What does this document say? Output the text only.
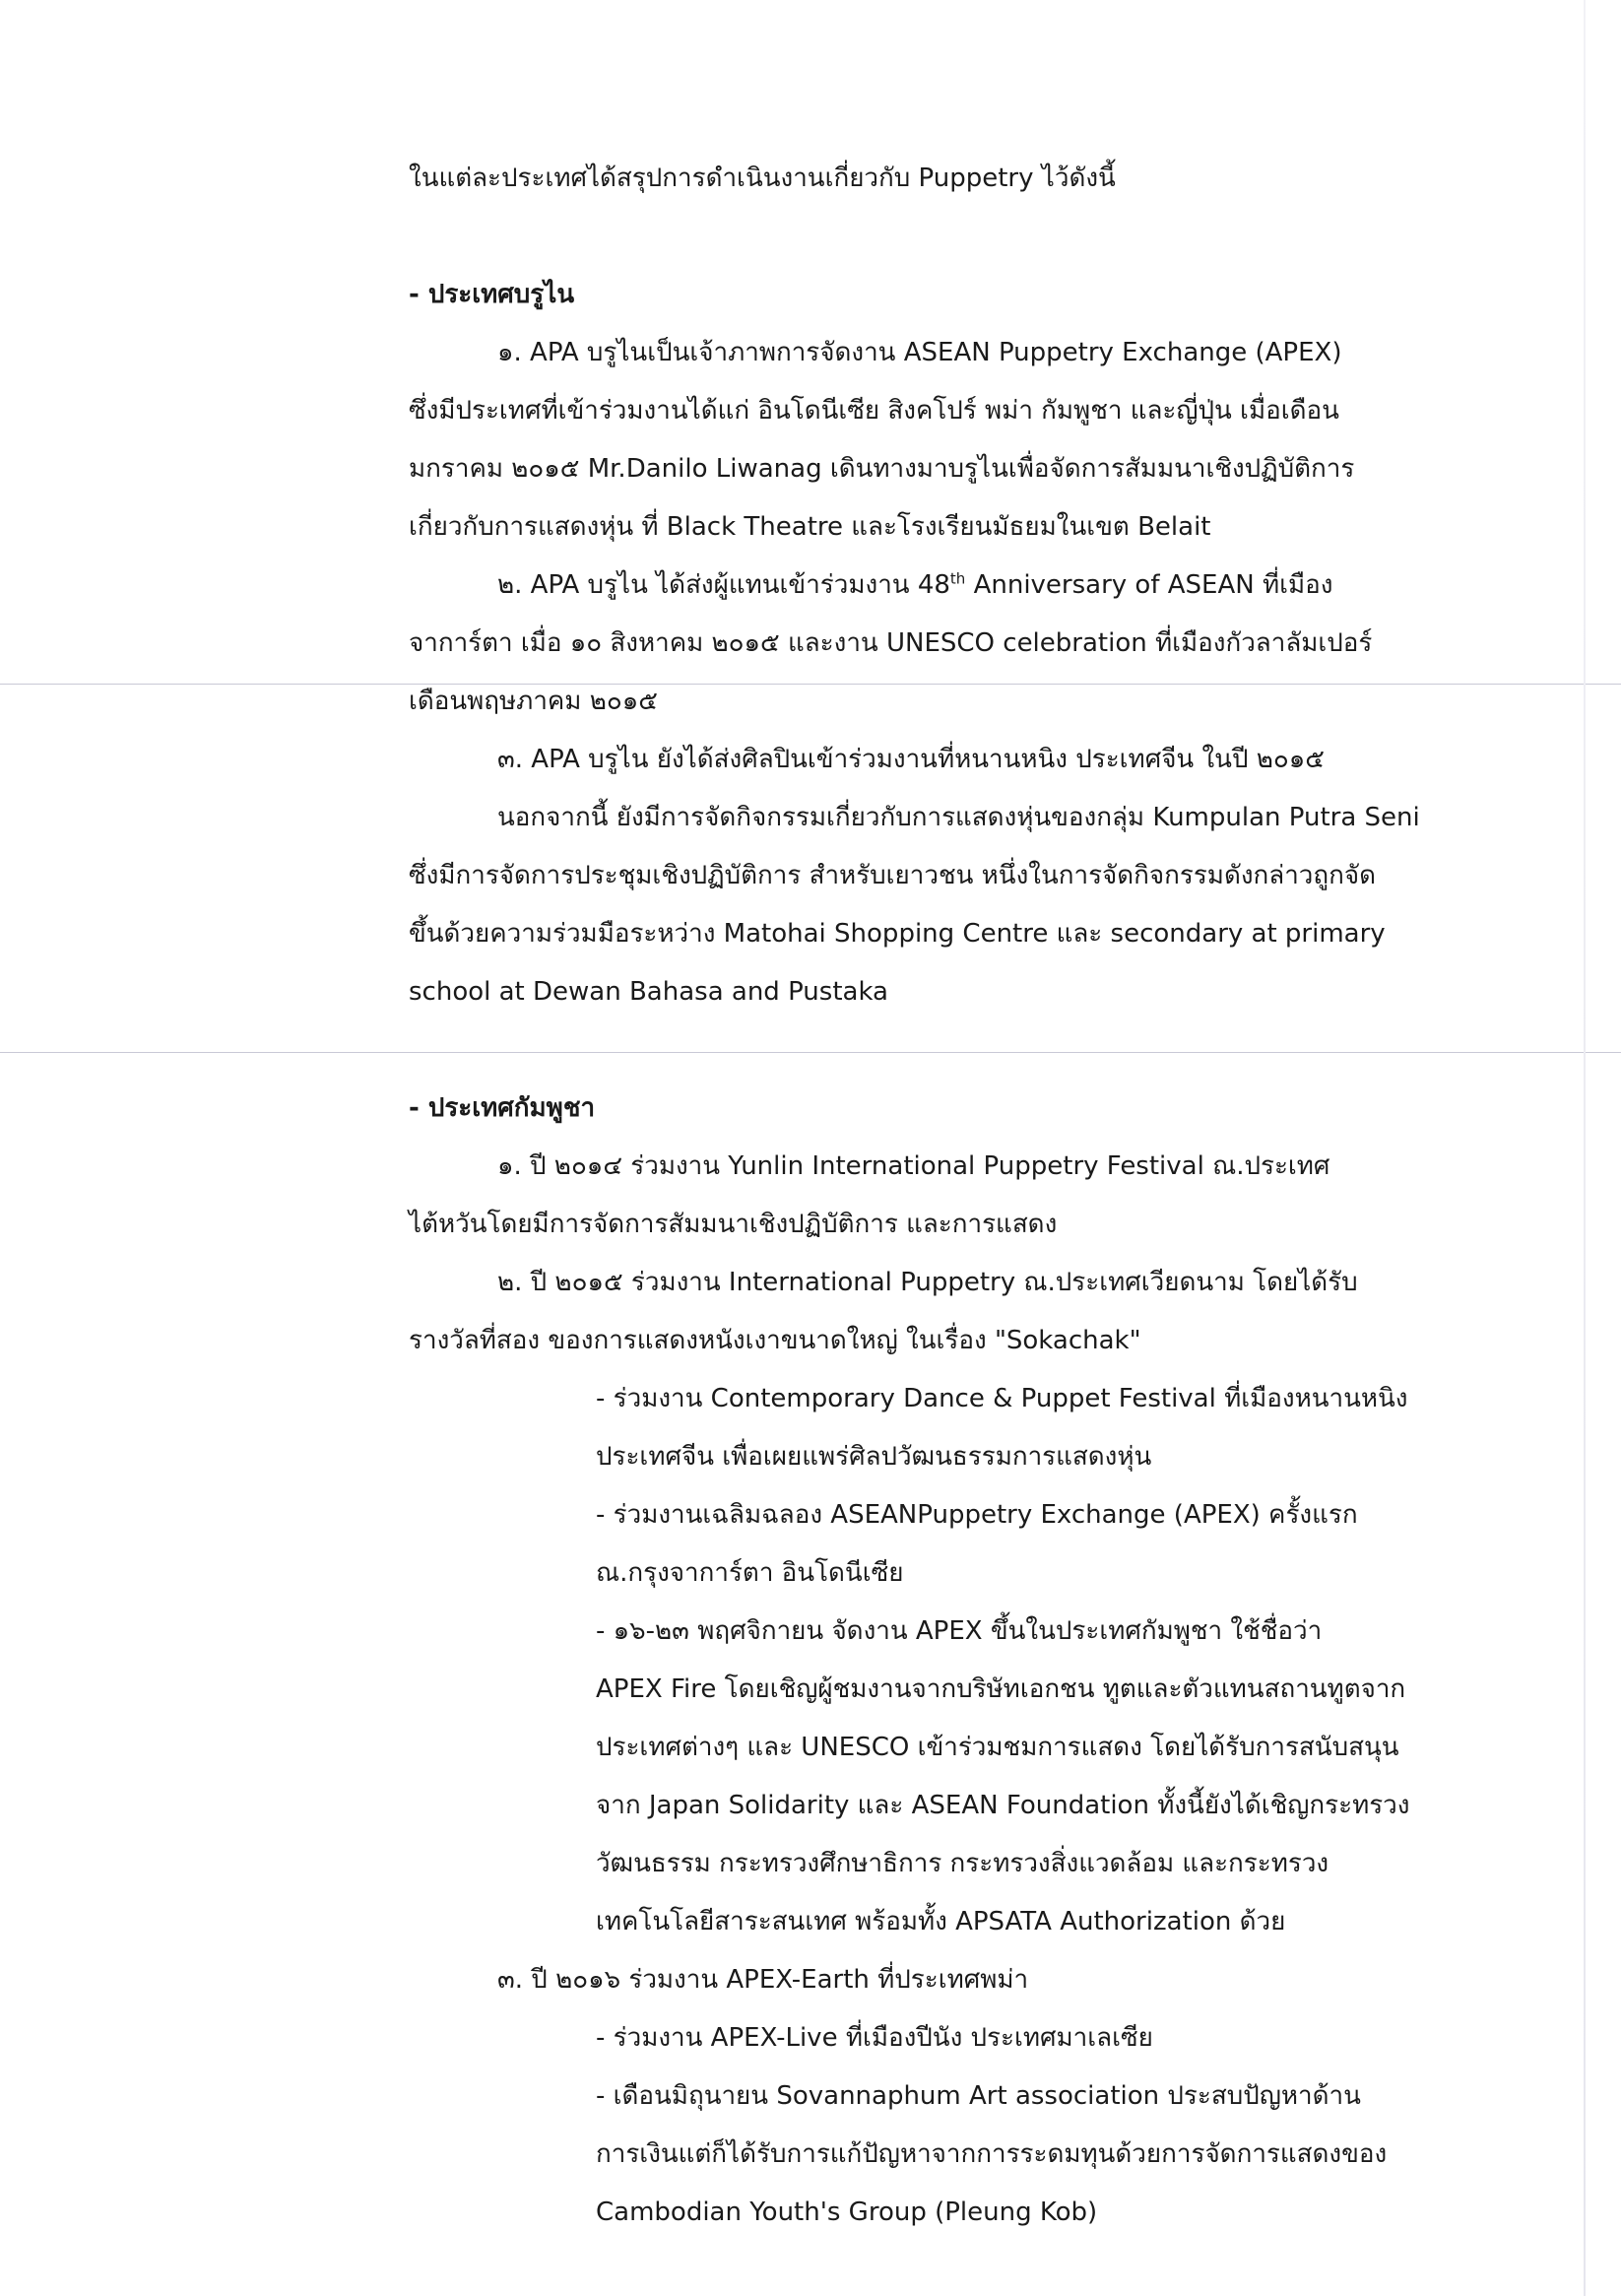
ในแต่ละประเทศได้สรุปการดำเนินงานเกี่ยวกับ Puppetry ไว้ดังนี้
- ประเทศบรูไน
๑. APA บรูไนเป็นเจ้าภาพการจัดงาน ASEAN Puppetry Exchange (APEX)
ซึ่งมีประเทศที่เข้าร่วมงานได้แก่ อินโดนีเซีย สิงคโปร์ พม่า กัมพูชา และญี่ปุ่น เมื่อเดือน
มกราคม ๒๐๑๕ Mr.Danilo Liwanag เดินทางมาบรูไนเพื่อจัดการสัมมนาเชิงปฏิบัติการ
เกี่ยวกับการแสดงหุ่น ที่ Black Theatre และโรงเรียนมัธยมในเขต Belait
๒. APA บรูไน ได้ส่งผู้แทนเข้าร่วมงาน 48th Anniversary of ASEAN ที่เมือง
จาการ์ตา เมื่อ ๑๐ สิงหาคม ๒๐๑๕ และงาน UNESCO celebration ที่เมืองกัวลาลัมเปอร์
เดือนพฤษภาคม ๒๐๑๕
๓. APA บรูไน ยังได้ส่งศิลปินเข้าร่วมงานที่หนานหนิง ประเทศจีน ในปี ๒๐๑๕
นอกจากนี้ ยังมีการจัดกิจกรรมเกี่ยวกับการแสดงหุ่นของกลุ่ม Kumpulan Putra Seni
ซึ่งมีการจัดการประชุมเชิงปฏิบัติการ สำหรับเยาวชน หนึ่งในการจัดกิจกรรมดังกล่าวถูกจัด
ขึ้นด้วยความร่วมมือระหว่าง Matohai Shopping Centre และ secondary at primary
school at Dewan Bahasa and Pustaka
- ประเทศกัมพูชา
๑. ปี ๒๐๑๔ ร่วมงาน Yunlin International Puppetry Festival ณ.ประเทศ
ไต้หวันโดยมีการจัดการสัมมนาเชิงปฏิบัติการ และการแสดง
๒. ปี ๒๐๑๕ ร่วมงาน International Puppetry ณ.ประเทศเวียดนาม โดยได้รับ
รางวัลที่สอง ของการแสดงหนังเงาขนาดใหญ่ ในเรื่อง "Sokachak"
- ร่วมงาน Contemporary Dance & Puppet Festival ที่เมืองหนานหนิง
ประเทศจีน เพื่อเผยแพร่ศิลปวัฒนธรรมการแสดงหุ่น
- ร่วมงานเฉลิมฉลอง ASEANPuppetry Exchange (APEX) ครั้งแรก
ณ.กรุงจาการ์ตา อินโดนีเซีย
- ๑๖-๒๓ พฤศจิกายน จัดงาน APEX ขึ้นในประเทศกัมพูชา ใช้ชื่อว่า
APEX Fire โดยเชิญผู้ชมงานจากบริษัทเอกชน ทูตและตัวแทนสถานทูตจาก
ประเทศต่างๆ และ UNESCO เข้าร่วมชมการแสดง โดยได้รับการสนับสนุน
จาก Japan Solidarity และ ASEAN Foundation ทั้งนี้ยังได้เชิญกระทรวง
วัฒนธรรม กระทรวงศึกษาธิการ กระทรวงสิ่งแวดล้อม และกระทรวง
เทคโนโลยีสาระสนเทศ พร้อมทั้ง APSATA Authorization ด้วย
๓. ปี ๒๐๑๖ ร่วมงาน APEX-Earth ที่ประเทศพม่า
- ร่วมงาน APEX-Live ที่เมืองปีนัง ประเทศมาเลเซีย
- เดือนมิถุนายน Sovannaphum Art association ประสบปัญหาด้าน
การเงินแต่ก็ได้รับการแก้ปัญหาจากการระดมทุนด้วยการจัดการแสดงของ
Cambodian Youth's Group (Pleung Kob)
